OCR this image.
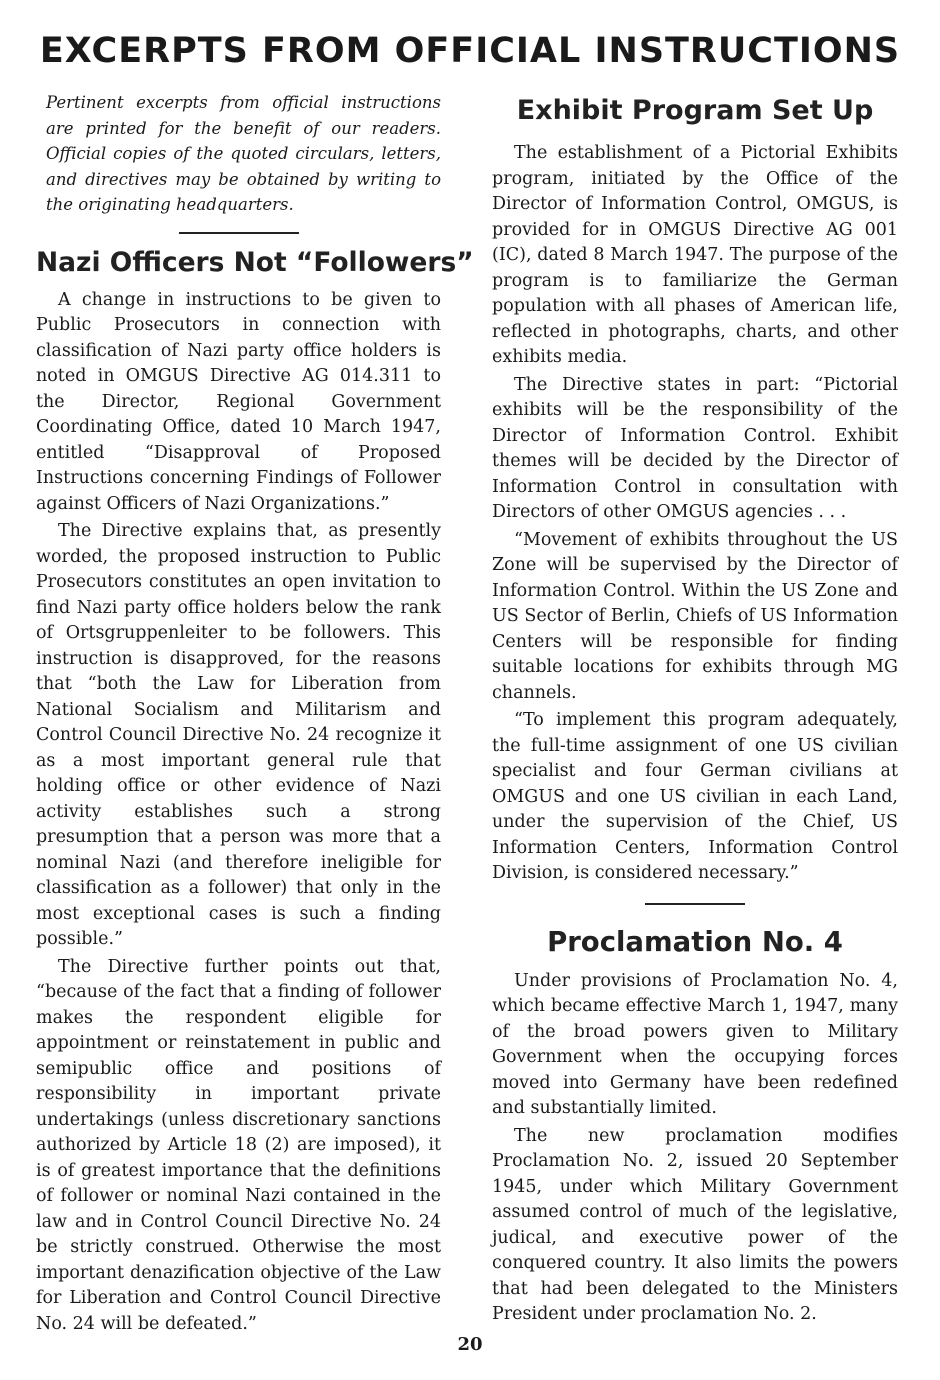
EXCERPTS FROM OFFICIAL INSTRUCTIONS

Pertinent excerpts from official instructions are printed for the benefit of our readers. Official copies of the quoted circulars, letters, and directives may be obtained by writing to the originating headquarters.

Nazi Officers Not “Followers”

A change in instructions to be given to Public Prosecutors in connection with classification of Nazi party office holders is noted in OMGUS Directive AG 014.311 to the Director, Regional Government Coordinating Office, dated 10 March 1947, entitled “Disapproval of Proposed Instructions concerning Findings of Follower against Officers of Nazi Organizations.”

The Directive explains that, as presently worded, the proposed instruction to Public Prosecutors constitutes an open invitation to find Nazi party office holders below the rank of Ortsgruppenleiter to be followers. This instruction is disapproved, for the reasons that “both the Law for Liberation from National Socialism and Militarism and Control Council Directive No. 24 recognize it as a most important general rule that holding office or other evidence of Nazi activity establishes such a strong presumption that a person was more that a nominal Nazi (and therefore ineligible for classification as a follower) that only in the most exceptional cases is such a finding possible.”

The Directive further points out that, “because of the fact that a finding of follower makes the respondent eligible for appointment or reinstatement in public and semipublic office and positions of responsibility in important private undertakings (unless discretionary sanctions authorized by Article 18 (2) are imposed), it is of greatest importance that the definitions of follower or nominal Nazi contained in the law and in Control Council Directive No. 24 be strictly construed. Otherwise the most important denazification objective of the Law for Liberation and Control Council Directive No. 24 will be defeated.”

Exhibit Program Set Up

The establishment of a Pictorial Exhibits program, initiated by the Office of the Director of Information Control, OMGUS, is provided for in OMGUS Directive AG 001 (IC), dated 8 March 1947. The purpose of the program is to familiarize the German population with all phases of American life, reflected in photographs, charts, and other exhibits media.

The Directive states in part: “Pictorial exhibits will be the responsibility of the Director of Information Control. Exhibit themes will be decided by the Director of Information Control in consultation with Directors of other OMGUS agencies . . .

“Movement of exhibits throughout the US Zone will be supervised by the Director of Information Control. Within the US Zone and US Sector of Berlin, Chiefs of US Information Centers will be responsible for finding suitable locations for exhibits through MG channels.

“To implement this program adequately, the full-time assignment of one US civilian specialist and four German civilians at OMGUS and one US civilian in each Land, under the supervision of the Chief, US Information Centers, Information Control Division, is considered necessary.”

Proclamation No. 4

Under provisions of Proclamation No. 4, which became effective March 1, 1947, many of the broad powers given to Military Government when the occupying forces moved into Germany have been redefined and substantially limited.

The new proclamation modifies Proclamation No. 2, issued 20 September 1945, under which Military Government assumed control of much of the legislative, judical, and executive power of the conquered country. It also limits the powers that had been delegated to the Ministers President under proclamation No. 2.

20
